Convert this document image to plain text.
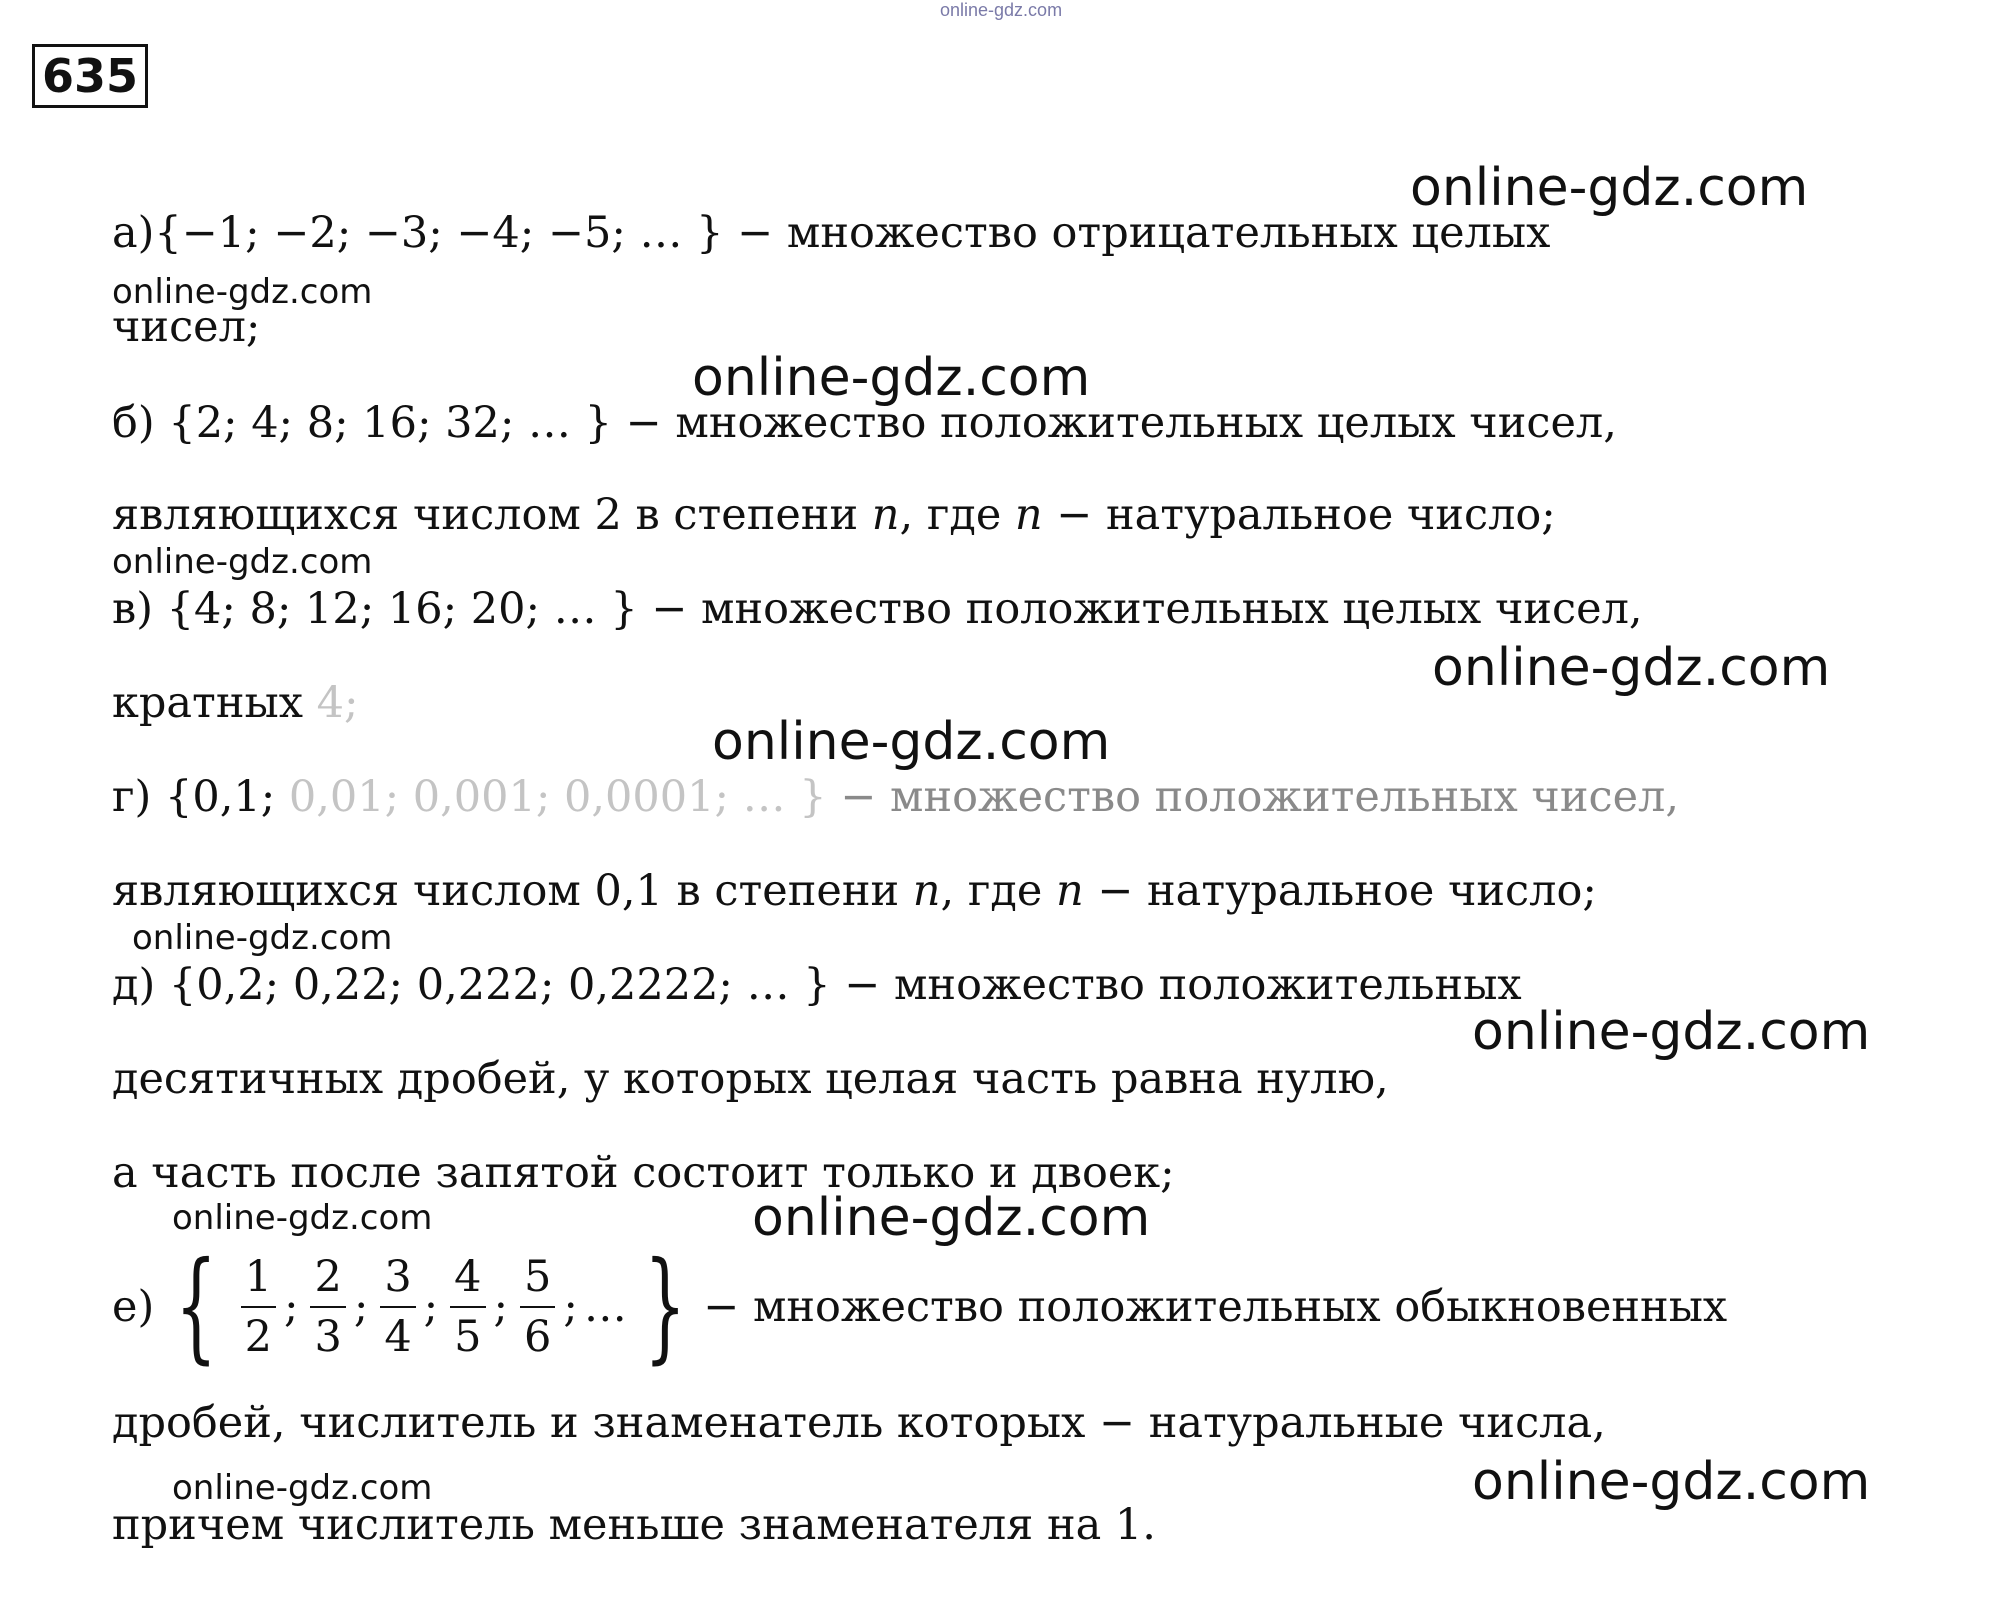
online-gdz.com
635
online-gdz.com
online-gdz.com
online-gdz.com
online-gdz.com
online-gdz.com
online-gdz.com
online-gdz.com
online-gdz.com
online-gdz.com	online-gdz.com
online-gdz.com	online-gdz.com
а){−1; −2; −3; −4; −5; … } − множество отрицательных целых
чисел;
б) {2; 4; 8; 16; 32; … } − множество положительных целых чисел,
являющихся числом 2 в степени 𝑛, где 𝑛 − натуральное число;
в) {4; 8; 12; 16; 20; … } − множество положительных целых чисел,
кратных 4;
г) {0,1; 0,01; 0,001; 0,0001; … } − множество положительных чисел,
являющихся числом 0,1 в степени 𝑛, где 𝑛 − натуральное число;
д) {0,2; 0,22; 0,222; 0,2222; … } − множество положительных
десятичных дробей, у которых целая часть равна нулю,
а часть после запятой состоит только и двоек;
е) { $\frac{1}{2}$ ; $\frac{2}{3}$ ; $\frac{3}{4}$ ; $\frac{4}{5}$ ; $\frac{5}{6}$ ; … } − множество положительных обыкновенных
дробей, числитель и знаменатель которых − натуральные числа,
причем числитель меньше знаменателя на 1.
